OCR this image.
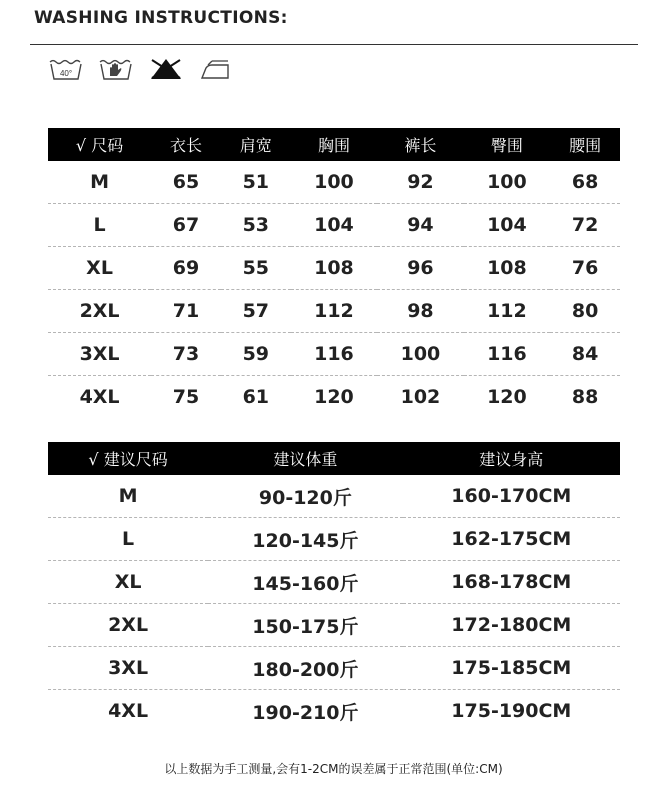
WASHING INSTRUCTIONS:
40°
√ 尺码	衣长	肩宽	胸围	裤长	臀围	腰围
M	65	51	100	92	100	68
L	67	53	104	94	104	72
XL	69	55	108	96	108	76
2XL	71	57	112	98	112	80
3XL	73	59	116	100	116	84
4XL	75	61	120	102	120	88
√ 建议尺码	建议体重	建议身高
M	90-120斤	160-170CM
L	120-145斤	162-175CM
XL	145-160斤	168-178CM
2XL	150-175斤	172-180CM
3XL	180-200斤	175-185CM
4XL	190-210斤	175-190CM
以上数据为手工测量,会有1-2CM的误差属于正常范围(单位:CM)
